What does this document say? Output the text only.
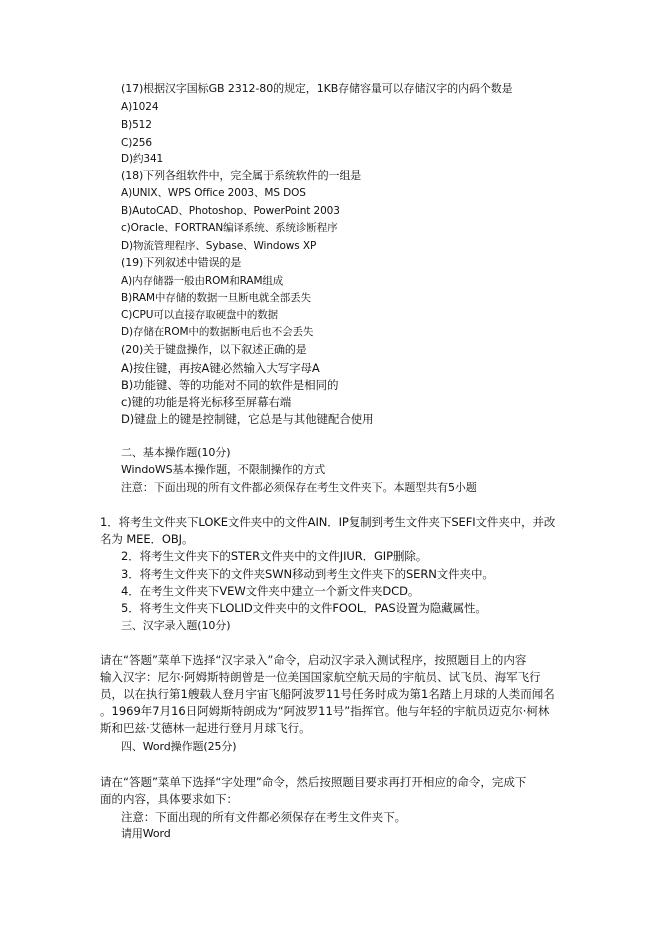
(17)根据汉字国标GB 2312-80的规定，1KB存储容量可以存储汉字的内码个数是
A)1024
B)512
C)256
D)约341
(18)下列各组软件中，完全属于系统软件的一组是
A)UNIX、WPS Office 2003、MS DOS
B)AutoCAD、Photoshop、PowerPoint 2003
c)Oracle、FORTRAN编译系统、系统诊断程序
D)物流管理程序、Sybase、Windows XP
(19)下列叙述中错误的是
A)内存储器一般由ROM和RAM组成
B)RAM中存储的数据一旦断电就全部丢失
C)CPU可以直接存取硬盘中的数据
D)存储在ROM中的数据断电后也不会丢失
(20)关于键盘操作，以下叙述正确的是
A)按住键，再按A键必然输入大写字母A
B)功能键、等的功能对不同的软件是相同的
c)键的功能是将光标移至屏幕右端
D)键盘上的键是控制键，它总是与其他键配合使用
二、基本操作题(10分)
WindoWS基本操作题，不限制操作的方式
注意：下面出现的所有文件都必须保存在考生文件夹下。本题型共有5小题
1．将考生文件夹下LOKE文件夹中的文件AIN．IP复制到考生文件夹下SEFI文件夹中，并改
名为 MEE．OBJ。
2．将考生文件夹下的STER文件夹中的文件JIUR．GIP删除。
3．将考生文件夹下的文件夹SWN移动到考生文件夹下的SERN文件夹中。
4．在考生文件夹下VEW文件夹中建立一个新文件夹DCD。
5．将考生文件夹下LOLID文件夹中的文件FOOL．PAS设置为隐藏属性。
三、汉字录入题(10分)

请在“答题”菜单下选择“汉字录入”命令，启动汉字录入测试程序，按照题目上的内容

输入汉字：尼尔·阿姆斯特朗曾是一位美国国家航空航天局的宇航员、试飞员、海军飞行

员，以在执行第1艘载人登月宇宙飞船阿波罗11号任务时成为第1名踏上月球的人类而闻名

。1969年7月16日阿姆斯特朗成为“阿波罗11号”指挥官。他与年轻的宇航员迈克尔·柯林

斯和巴兹·艾德林一起进行登月月球飞行。

四、Word操作题(25分)

请在“答题”菜单下选择“字处理”命令，然后按照题目要求再打开相应的命令，完成下

面的内容，具体要求如下：

注意：下面出现的所有文件都必须保存在考生文件夹下。
请用Word
